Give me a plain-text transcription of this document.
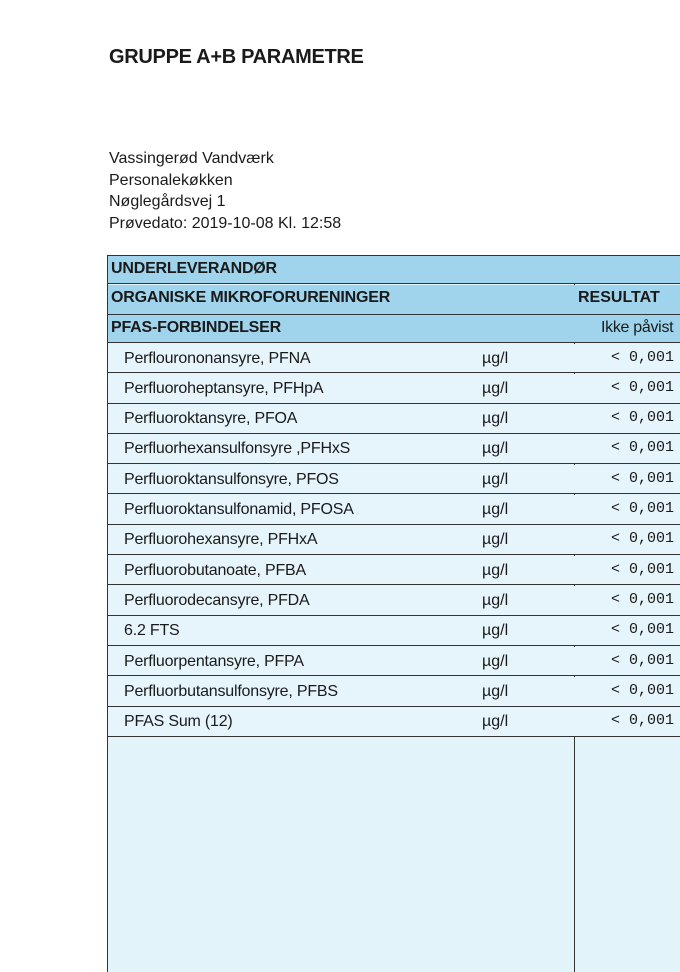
GRUPPE A+B PARAMETRE
Vassingerød Vandværk
Personalekøkken
Nøglegårdsvej 1
Prøvedato: 2019-10-08 Kl. 12:58
UNDERLEVERANDØR
ORGANISKE MIKROFORURENINGER	RESULTAT
PFAS-FORBINDELSER	Ikke påvist
Perflourononansyre, PFNA	µg/l	< 0,001
Perfluoroheptansyre, PFHpA	µg/l	< 0,001
Perfluoroktansyre, PFOA	µg/l	< 0,001
Perfluorhexansulfonsyre ,PFHxS	µg/l	< 0,001
Perfluoroktansulfonsyre, PFOS	µg/l	< 0,001
Perfluoroktansulfonamid, PFOSA	µg/l	< 0,001
Perfluorohexansyre, PFHxA	µg/l	< 0,001
Perfluorobutanoate, PFBA	µg/l	< 0,001
Perfluorodecansyre, PFDA	µg/l	< 0,001
6.2 FTS	µg/l	< 0,001
Perfluorpentansyre, PFPA	µg/l	< 0,001
Perfluorbutansulfonsyre, PFBS	µg/l	< 0,001
PFAS Sum (12)	µg/l	< 0,001
